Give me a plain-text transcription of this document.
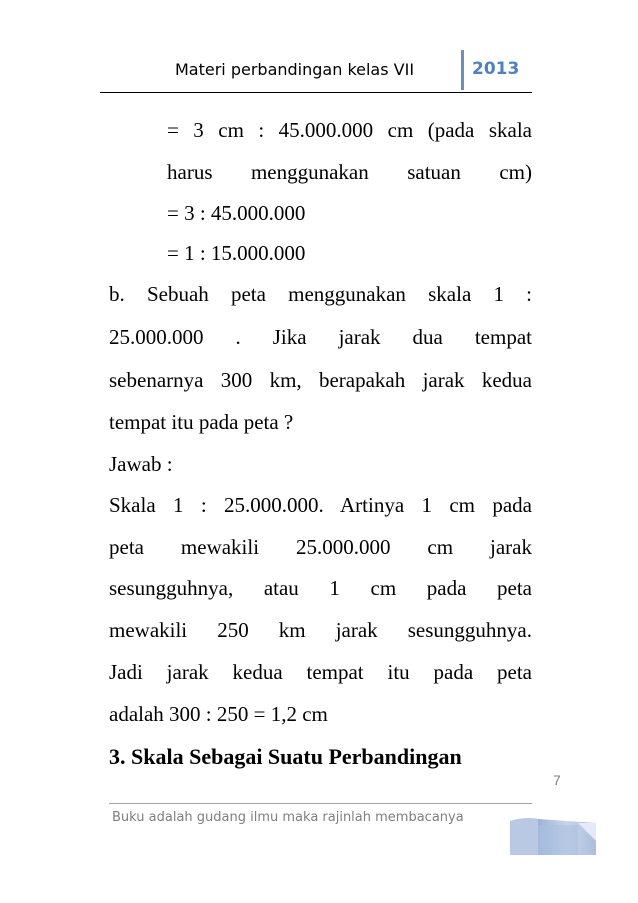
Materi perbandingan kelas VII	2013
= 3 cm : 45.000.000 cm (pada skala
harus menggunakan satuan cm)
= 3 : 45.000.000
= 1 : 15.000.000
b. Sebuah peta menggunakan skala 1 :
25.000.000 . Jika jarak dua tempat
sebenarnya 300 km, berapakah jarak kedua
tempat itu pada peta ?
Jawab :
Skala 1 : 25.000.000. Artinya 1 cm pada
peta mewakili 25.000.000 cm jarak
sesungguhnya, atau 1 cm pada peta
mewakili 250 km jarak sesungguhnya.
Jadi jarak kedua tempat itu pada peta
adalah 300 : 250 = 1,2 cm
3. Skala Sebagai Suatu Perbandingan
7
Buku adalah gudang ilmu maka rajinlah membacanya
